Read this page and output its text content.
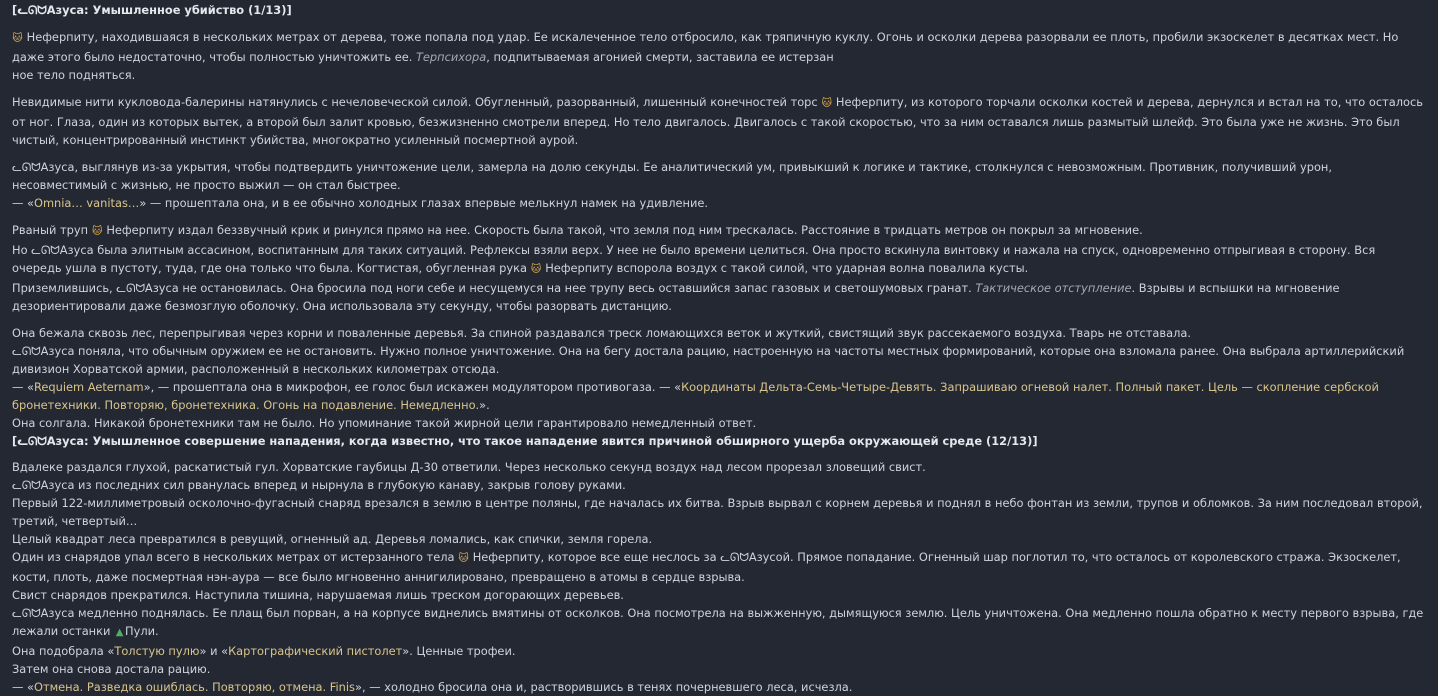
[ᓚᘏᗢАзуса: Умышленное убийство (1/13)]

🐱 Неферпиту, находившаяся в нескольких метрах от дерева, тоже попала под удар. Ее искалеченное тело отбросило, как тряпичную куклу. Огонь и осколки дерева разорвали ее плоть, пробили экзоскелет в десятках мест. Но даже этого было недостаточно, чтобы полностью уничтожить ее. Терпсихора, подпитываемая агонией смерти, заставила ее истерзан
ное тело подняться.

Невидимые нити кукловода-балерины натянулись с нечеловеческой силой. Обугленный, разорванный, лишенный конечностей торс 🐱 Неферпиту, из которого торчали осколки костей и дерева, дернулся и встал на то, что осталось от ног. Глаза, один из которых вытек, а второй был залит кровью, безжизненно смотрели вперед. Но тело двигалось. Двигалось с такой скоростью, что за ним оставался лишь размытый шлейф. Это была уже не жизнь. Это был чистый, концентрированный инстинкт убийства, многократно усиленный посмертной аурой.

ᓚᘏᗢАзуса, выглянув из-за укрытия, чтобы подтвердить уничтожение цели, замерла на долю секунды. Ее аналитический ум, привыкший к логике и тактике, столкнулся с невозможным. Противник, получивший урон, несовместимый с жизнью, не просто выжил — он стал быстрее.

— «Omnia… vanitas…» — прошептала она, и в ее обычно холодных глазах впервые мелькнул намек на удивление.

Рваный труп 🐱 Неферпиту издал беззвучный крик и ринулся прямо на нее. Скорость была такой, что земля под ним трескалась. Расстояние в тридцать метров он покрыл за мгновение.

Но ᓚᘏᗢАзуса была элитным ассасином, воспитанным для таких ситуаций. Рефлексы взяли верх. У нее не было времени целиться. Она просто вскинула винтовку и нажала на спуск, одновременно отпрыгивая в сторону. Вся очередь ушла в пустоту, туда, где она только что была. Когтистая, обугленная рука 🐱 Неферпиту вспорола воздух с такой силой, что ударная волна повалила кусты.

Приземлившись, ᓚᘏᗢАзуса не остановилась. Она бросила под ноги себе и несущемуся на нее трупу весь оставшийся запас газовых и светошумовых гранат. Тактическое отступление. Взрывы и вспышки на мгновение дезориентировали даже безмозглую оболочку. Она использовала эту секунду, чтобы разорвать дистанцию.

Она бежала сквозь лес, перепрыгивая через корни и поваленные деревья. За спиной раздавался треск ломающихся веток и жуткий, свистящий звук рассекаемого воздуха. Тварь не отставала.

ᓚᘏᗢАзуса поняла, что обычным оружием ее не остановить. Нужно полное уничтожение. Она на бегу достала рацию, настроенную на частоты местных формирований, которые она взломала ранее. Она выбрала артиллерийский дивизион Хорватской армии, расположенный в нескольких километрах отсюда.

— «Requiem Aeternam», — прошептала она в микрофон, ее голос был искажен модулятором противогаза. — «Координаты Дельта-Семь-Четыре-Девять. Запрашиваю огневой налет. Полный пакет. Цель — скопление сербской бронетехники. Повторяю, бронетехника. Огонь на подавление. Немедленно.».

Она солгала. Никакой бронетехники там не было. Но упоминание такой жирной цели гарантировало немедленный ответ.

[ᓚᘏᗢАзуса: Умышленное совершение нападения, когда известно, что такое нападение явится причиной обширного ущерба окружающей среде (12/13)]

Вдалеке раздался глухой, раскатистый гул. Хорватские гаубицы Д-30 ответили. Через несколько секунд воздух над лесом прорезал зловещий свист.

ᓚᘏᗢАзуса из последних сил рванулась вперед и нырнула в глубокую канаву, закрыв голову руками.

Первый 122-миллиметровый осколочно-фугасный снаряд врезался в землю в центре поляны, где началась их битва. Взрыв вырвал с корнем деревья и поднял в небо фонтан из земли, трупов и обломков. За ним последовал второй, третий, четвертый…

Целый квадрат леса превратился в ревущий, огненный ад. Деревья ломались, как спички, земля горела.

Один из снарядов упал всего в нескольких метрах от истерзанного тела 🐱 Неферпиту, которое все еще неслось за ᓚᘏᗢАзусой. Прямое попадание. Огненный шар поглотил то, что осталось от королевского стража. Экзоскелет, кости, плоть, даже посмертная нэн-аура — все было мгновенно аннигилировано, превращено в атомы в сердце взрыва.

Свист снарядов прекратился. Наступила тишина, нарушаемая лишь треском догорающих деревьев.

ᓚᘏᗢАзуса медленно поднялась. Ее плащ был порван, а на корпусе виднелись вмятины от осколков. Она посмотрела на выжженную, дымящуюся землю. Цель уничтожена. Она медленно пошла обратно к месту первого взрыва, где лежали останки ▲ Пули.

Она подобрала «Толстую пулю» и «Картографический пистолет». Ценные трофеи.

Затем она снова достала рацию.

— «Отмена. Разведка ошиблась. Повторяю, отмена. Finis», — холодно бросила она и, растворившись в тенях почерневшего леса, исчезла.
